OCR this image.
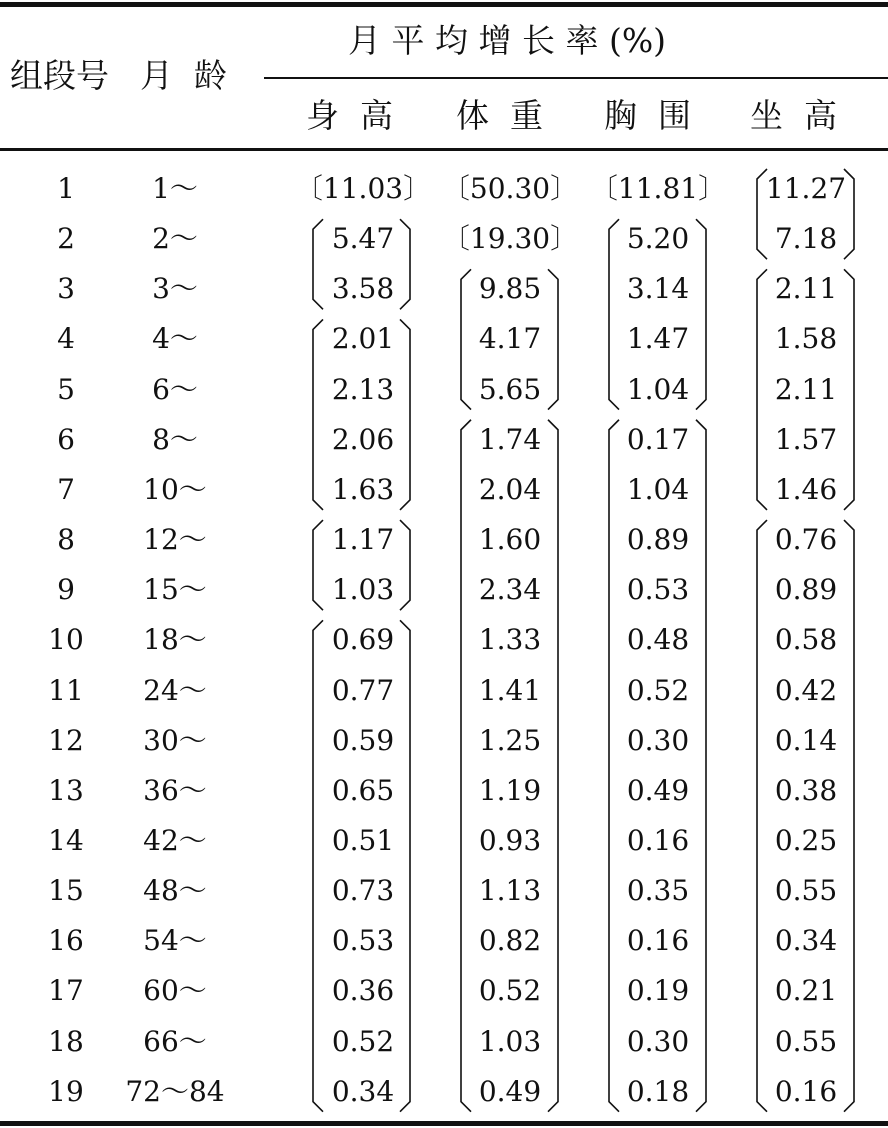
组段号 月  龄
月 平 均 增 长 率 (%)
身  高 体  重 胸  围 坐  高
1	1～	〔11.03〕 〔50.30〕 〔11.81〕 11.27
2	2～	5.47 〔19.30〕 5.20	7.18
3	3～	3.58	9.85	3.14	2.11
4	4～	2.01	4.17	1.47	1.58
5	6～	2.13	5.65	1.04	2.11
6	8～	2.06	1.74	0.17	1.57
7 10～	1.63	2.04	1.04	1.46
8 12～	1.17	1.60	0.89	0.76
9 15～	1.03	2.34	0.53	0.89
10 18～	0.69	1.33	0.48	0.58
11 24～	0.77	1.41	0.52	0.42
12 30～	0.59	1.25	0.30	0.14
13 36～	0.65	1.19	0.49	0.38
14 42～	0.51	0.93	0.16	0.25
15 48～	0.73	1.13	0.35	0.55
16 54～	0.53	0.82	0.16	0.34
17 60～	0.36	0.52	0.19	0.21
18 66～	0.52	1.03	0.30	0.55
19 72～84	0.34	0.49	0.18	0.16
